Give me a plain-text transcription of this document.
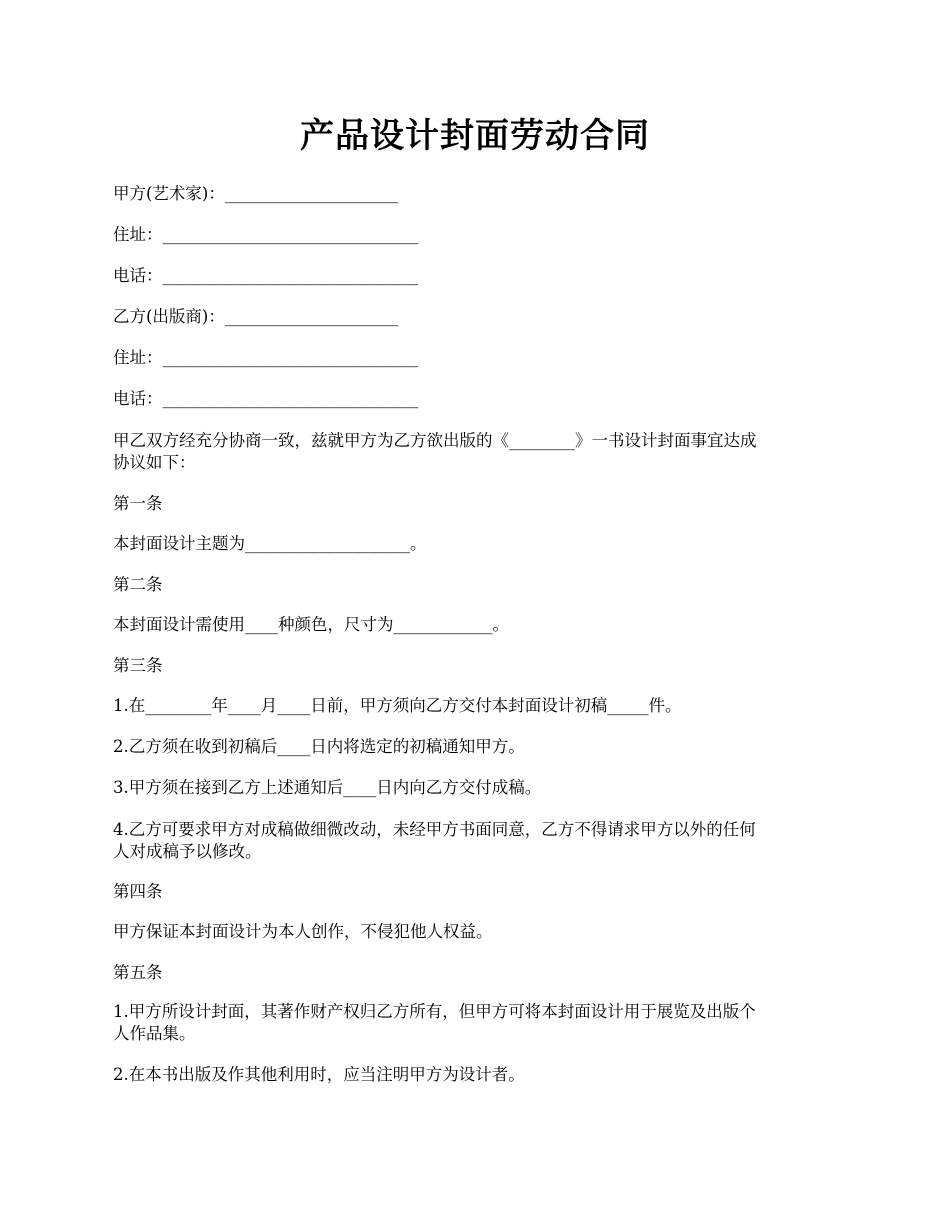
产品设计封面劳动合同
甲方(艺术家)：_____________________
住址：_______________________________
电话：_______________________________
乙方(出版商)：_____________________
住址：_______________________________
电话：_______________________________
甲乙双方经充分协商一致，兹就甲方为乙方欲出版的《________》一书设计封面事宜达成
协议如下：
第一条
本封面设计主题为____________________。
第二条
本封面设计需使用____种颜色，尺寸为____________。
第三条
1.在________年____月____日前，甲方须向乙方交付本封面设计初稿_____件。
2.乙方须在收到初稿后____日内将选定的初稿通知甲方。
3.甲方须在接到乙方上述通知后____日内向乙方交付成稿。
4.乙方可要求甲方对成稿做细微改动，未经甲方书面同意，乙方不得请求甲方以外的任何
人对成稿予以修改。
第四条
甲方保证本封面设计为本人创作，不侵犯他人权益。
第五条
1.甲方所设计封面，其著作财产权归乙方所有，但甲方可将本封面设计用于展览及出版个
人作品集。
2.在本书出版及作其他利用时，应当注明甲方为设计者。
